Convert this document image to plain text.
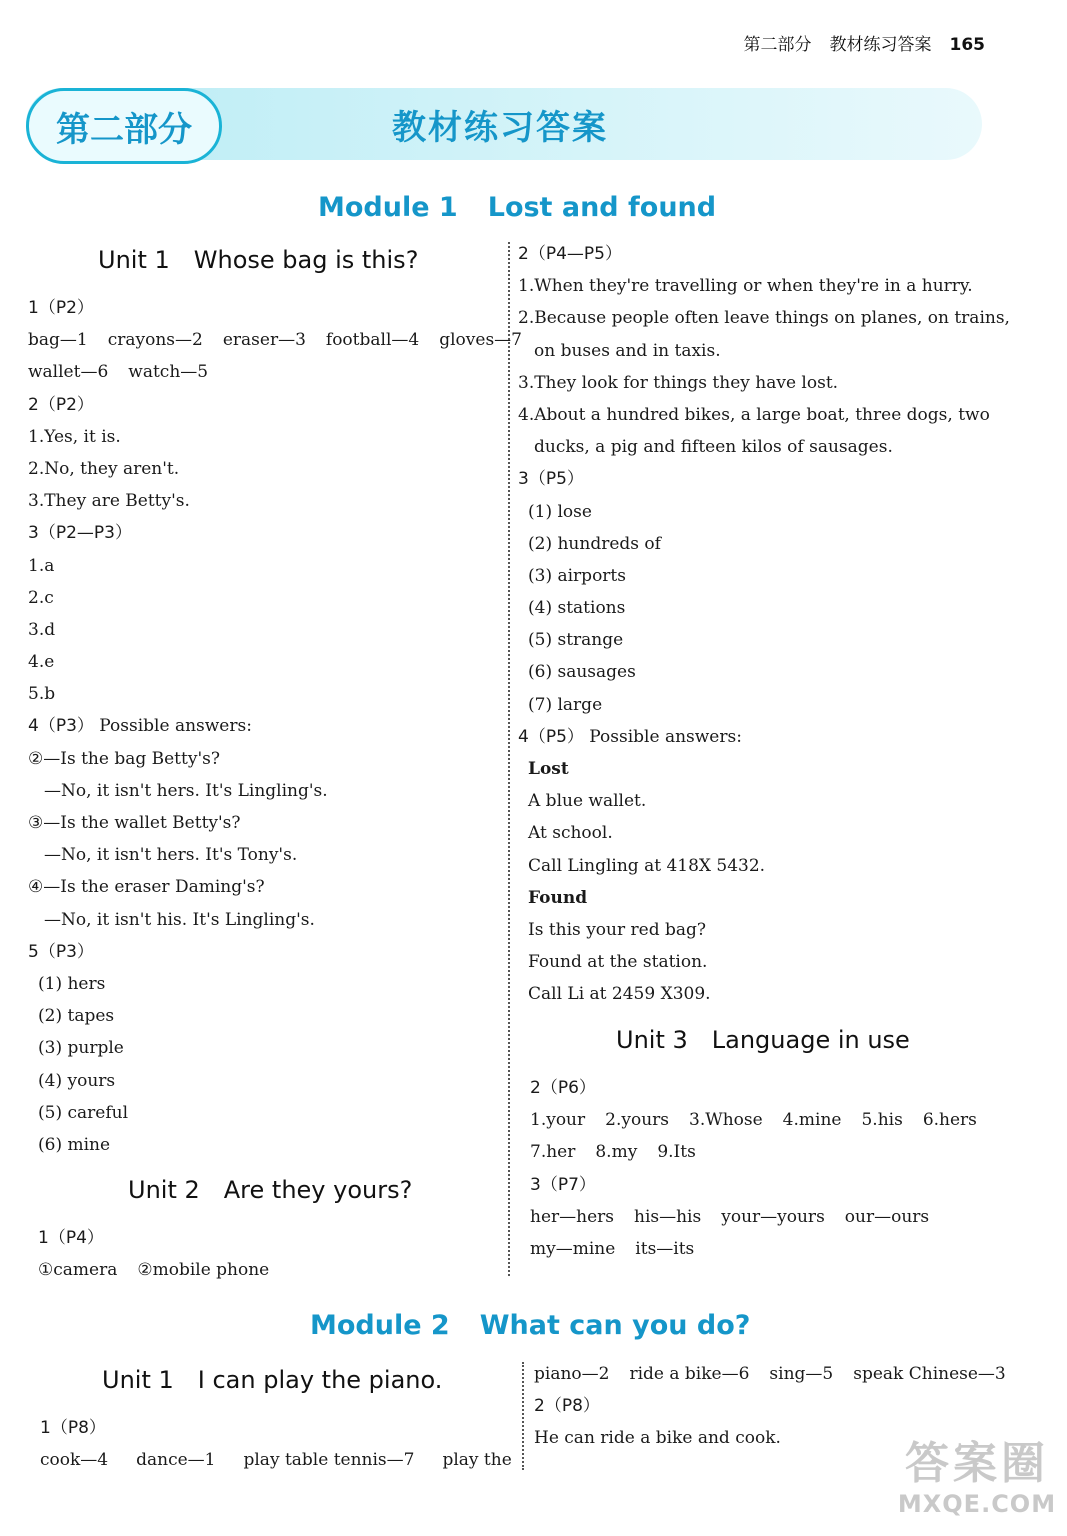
第二部分 教材练习答案 165
第二部分	教材练习答案
Module 1 Lost and found
Unit 1 Whose bag is this?
1（P2）
bag—1 crayons—2 eraser—3 football—4 gloves—7
wallet—6 watch—5
2（P2）
1.Yes, it is.
2.No, they aren't.
3.They are Betty's.
3（P2—P3）
1.a
2.c
3.d
4.e
5.b
4（P3） Possible answers:
②—Is the bag Betty's?
—No, it isn't hers. It's Lingling's.
③—Is the wallet Betty's?
—No, it isn't hers. It's Tony's.
④—Is the eraser Daming's?
—No, it isn't his. It's Lingling's.
5（P3）
(1) hers
(2) tapes
(3) purple
(4) yours
(5) careful
(6) mine
Unit 2 Are they yours?
1（P4）
①camera ②mobile phone
2（P4—P5）
1.When they're travelling or when they're in a hurry.
2.Because people often leave things on planes, on trains,
on buses and in taxis.
3.They look for things they have lost.
4.About a hundred bikes, a large boat, three dogs, two
ducks, a pig and fifteen kilos of sausages.
3（P5）
(1) lose
(2) hundreds of
(3) airports
(4) stations
(5) strange
(6) sausages
(7) large
4（P5） Possible answers:
Lost
A blue wallet.
At school.
Call Lingling at 418X 5432.
Found
Is this your red bag?
Found at the station.
Call Li at 2459 X309.
Unit 3 Language in use
2（P6）
1.your 2.yours 3.Whose 4.mine 5.his 6.hers
7.her 8.my 9.Its
3（P7）
her—hers his—his your—yours our—ours
my—mine its—its
Module 2 What can you do?
Unit 1 I can play the piano.
1（P8）
cook—4 dance—1 play table tennis—7 play the
piano—2 ride a bike—6 sing—5 speak Chinese—3
2（P8）
He can ride a bike and cook.	答案圈
MXQE.COM
